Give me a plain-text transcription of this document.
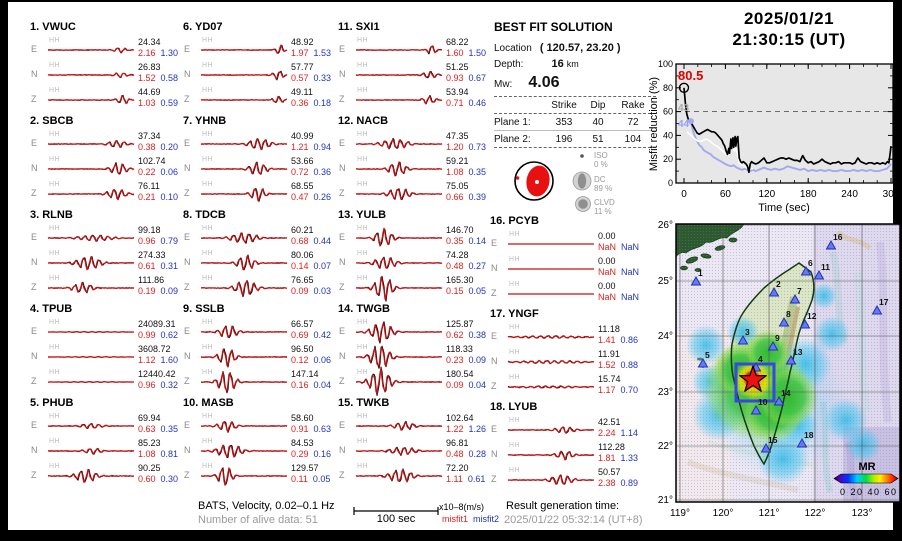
1. VWUC
E
HH	24.34
2.16 1.30
N
HH	26.83
1.52 0.58
Z
HH	44.69
1.03 0.59
2. SBCB
E
HH	37.34
0.38 0.20
N
HH	102.74
0.22 0.06
Z
HH	76.11
0.21 0.10
3. RLNB
E
HH	99.18
0.96 0.79
N
HH	274.33
0.61 0.31
Z
HH	111.86
0.19 0.09
4. TPUB
E
HH	24089.31
0.99 0.62
N
HH	3608.72
1.12 1.60
Z
HH	12440.42
0.96 0.32
5. PHUB
E
HH	69.94
0.63 0.35
N
HH	85.23
1.08 0.81
Z
HH	90.25
0.60 0.30
6. YD07
E
HH	48.92
1.97 1.53
N
HH	57.77
0.57 0.33
Z
HH	49.11
0.36 0.18
7. YHNB
E
HH	40.99
1.21 0.94
N
HH	53.66
0.72 0.36
Z
HH	68.55
0.47 0.26
8. TDCB
E
HH	60.21
0.68 0.44
N
HH	80.06
0.14 0.07
Z
HH	76.65
0.09 0.03
9. SSLB
E
HH	66.57
0.69 0.42
N
HH	96.50
0.12 0.06
Z
HH	147.14
0.16 0.04
10. MASB
E
HH	58.60
0.91 0.63
N
HH	84.53
0.29 0.16
Z
HH	129.57
0.11 0.05
11. SXI1
E
HH	68.22
1.60 1.50
N
HH	51.25
0.93 0.67
Z
HH	53.94
0.71 0.46
12. NACB
E
HH	47.35
1.20 0.73
N
HH	59.21
1.08 0.35
Z
HH	75.05
0.66 0.39
13. YULB
E
HH	146.70
0.35 0.14
N
HH	74.28
0.48 0.27
Z
HH	165.30
0.15 0.05
14. TWGB
E
HH	125.87
0.62 0.38
N
HH	118.33
0.23 0.09
Z
HH	180.54
0.09 0.04
15. TWKB
E
HH	102.64
1.22 1.26
N
HH	96.81
0.48 0.28
Z
HH	72.20
1.11 0.61
16. PCYB
E
HH	0.00
NaN NaN
N
HH	0.00
NaN NaN
Z
HH	0.00
NaN NaN
17. YNGF
E
HH	11.18
1.41 0.86
N
HH	11.91
1.52 0.88
Z
HH	15.74
1.17 0.70
18. LYUB
E
HH	42.51
2.24 1.14
N
HH	112.28
1.81 1.33
Z
HH	50.57
2.38 0.89
2025/01/21
21:30:15 (UT)
BEST FIT SOLUTION
Location ( 120.57, 23.20 )
Depth:	16 km
Mw: 4.06
Strike	Dip	Rake
Plane 1:	353	40	72
Plane 2:	196	51	104
ISO
0 %
DC
89 %
CLVD
11 %
0
20
40
60
80
100
0	60	120 180 240 300
80.5
43
44
Misfit reduction (%)
Time (sec)
119° 120°	121°	122°	123°
26°
25°
24°
23°
22°
21°
1
2
3
4
5
6
7
8
9
10
11
12
13
14
15
16
17
18
MR
0 20 40 60
BATS, Velocity, 0.02–0.1 Hz
Number of alive data: 51	100 sec
x10–8(m/s)
misfit1 misfit2
Result generation time:
2025/01/22 05:32:14 (UT+8)
